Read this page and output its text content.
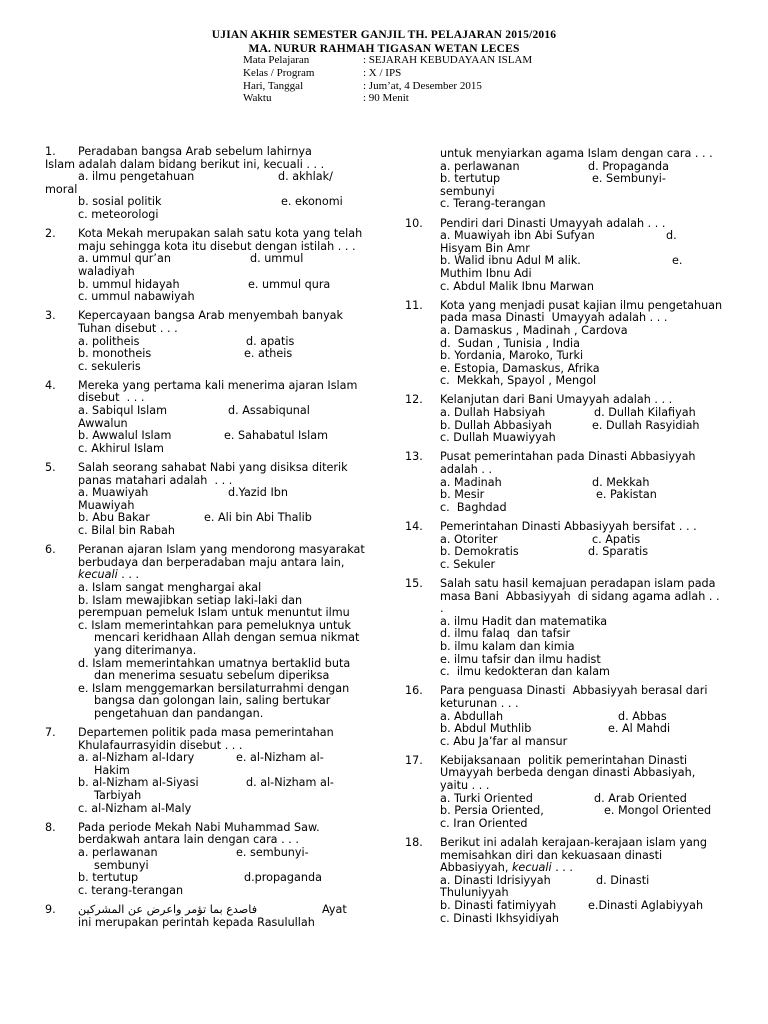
UJIAN AKHIR SEMESTER GANJIL TH. PELAJARAN 2015/2016
MA. NURUR RAHMAH TIGASAN WETAN LECES
Mata Pelajaran	: SEJARAH KEBUDAYAAN ISLAM
Kelas / Program	: X / IPS
Hari, Tanggal	: Jum’at, 4 Desember 2015
Waktu	: 90 Menit
1.	Peradaban bangsa Arab sebelum lahirnya
Islam adalah dalam bidang berikut ini, kecuali . . .
a. ilmu pengetahuan	d. akhlak/
moral
b. sosial politik	e. ekonomi
c. meteorologi
2.	Kota Mekah merupakan salah satu kota yang telah maju sehingga kota itu disebut dengan istilah . . .
a. ummul qur’an	d. ummul
waladiyah
b. ummul hidayah	e. ummul qura
c. ummul nabawiyah
3.	Kepercayaan bangsa Arab menyembah banyak Tuhan disebut . . .
a. politheis	d. apatis
b. monotheis	e. atheis
c. sekuleris
4.	Mereka yang pertama kali menerima ajaran Islam disebut  . . .
a. Sabiqul Islam	d. Assabiqunal
Awwalun
b. Awwalul Islam	e. Sahabatul Islam
c. Akhirul Islam
5.	Salah seorang sahabat Nabi yang disiksa diterik panas matahari adalah  . . .
a. Muawiyah	d.Yazid Ibn
Muawiyah
b. Abu Bakar	e. Ali bin Abi Thalib
c. Bilal bin Rabah
6.	Peranan ajaran Islam yang mendorong masyarakat berbudaya dan berperadaban maju antara lain, kecuali . . .
a. Islam sangat menghargai akal
b. Islam mewajibkan setiap laki-laki dan perempuan pemeluk Islam untuk menuntut ilmu
c. Islam memerintahkan para pemeluknya untuk mencari keridhaan Allah dengan semua nikmat yang diterimanya.
d. Islam memerintahkan umatnya bertaklid buta dan menerima sesuatu sebelum diperiksa
e. Islam menggemarkan bersilaturrahmi dengan bangsa dan golongan lain, saling bertukar pengetahuan dan pandangan.
7.	Departemen politik pada masa pemerintahan Khulafaurrasyidin disebut . . .
a. al-Nizham al-Idary	e. al-Nizham al-
Hakim
b. al-Nizham al-Siyasi	d. al-Nizham al-
Tarbiyah
c. al-Nizham al-Maly
8.	Pada periode Mekah Nabi Muhammad Saw. berdakwah antara lain dengan cara . . .
a. perlawanan	e. sembunyi-
sembunyi
b. tertutup	d.propaganda
c. terang-terangan
9. فاصدع بما تؤمر واعرض عن المشركين	Ayat
ini merupakan perintah kepada Rasulullah
untuk menyiarkan agama Islam dengan cara . . .
a. perlawanan	d. Propaganda
b. tertutup	e. Sembunyi-
sembunyi
c. Terang-terangan
10.	Pendiri dari Dinasti Umayyah adalah . . .
a. Muawiyah ibn Abi Sufyan	d.
Hisyam Bin Amr
b. Walid ibnu Adul M alik.	e.
Muthim Ibnu Adi
c. Abdul Malik Ibnu Marwan
11.	Kota yang menjadi pusat kajian ilmu pengetahuan pada masa Dinasti  Umayyah adalah . . .
a. Damaskus , Madinah , Cardova
d.  Sudan , Tunisia , India
b. Yordania, Maroko, Turki
e. Estopia, Damaskus, Afrika
c.  Mekkah, Spayol , Mengol
12.	Kelanjutan dari Bani Umayyah adalah . . .
a. Dullah Habsiyah	d. Dullah Kilafiyah
b. Dullah Abbasiyah	e. Dullah Rasyidiah
c. Dullah Muawiyyah
13.	Pusat pemerintahan pada Dinasti Abbasiyyah adalah . .
a. Madinah	d. Mekkah
b. Mesir	e. Pakistan
c.  Baghdad
14.	Pemerintahan Dinasti Abbasiyyah bersifat . . .
a. Otoriter	c. Apatis
b. Demokratis	d. Sparatis
c. Sekuler
15.	Salah satu hasil kemajuan peradapan islam pada masa Bani  Abbasiyyah  di sidang agama adlah . . .
a. ilmu Hadit dan matematika
d. ilmu falaq  dan tafsir
b. ilmu kalam dan kimia
e. ilmu tafsir dan ilmu hadist
c.  ilmu kedokteran dan kalam
16.	Para penguasa Dinasti  Abbasiyyah berasal dari keturunan . . .
a. Abdullah	d. Abbas
b. Abdul Muthlib	e. Al Mahdi
c. Abu Ja’far al mansur
17.	Kebijaksanaan  politik pemerintahan Dinasti Umayyah berbeda dengan dinasti Abbasiyah,   yaitu . . .
a. Turki Oriented	d. Arab Oriented
b. Persia Oriented,	e. Mongol Oriented
c. Iran Oriented
18.	Berikut ini adalah kerajaan-kerajaan islam yang memisahkan diri dan kekuasaan dinasti Abbasiyyah, kecuali . . .
a. Dinasti Idrisiyyah	d. Dinasti
Thuluniyyah
b. Dinasti fatimiyyah	e.Dinasti Aglabiyyah
c. Dinasti Ikhsyidiyah
